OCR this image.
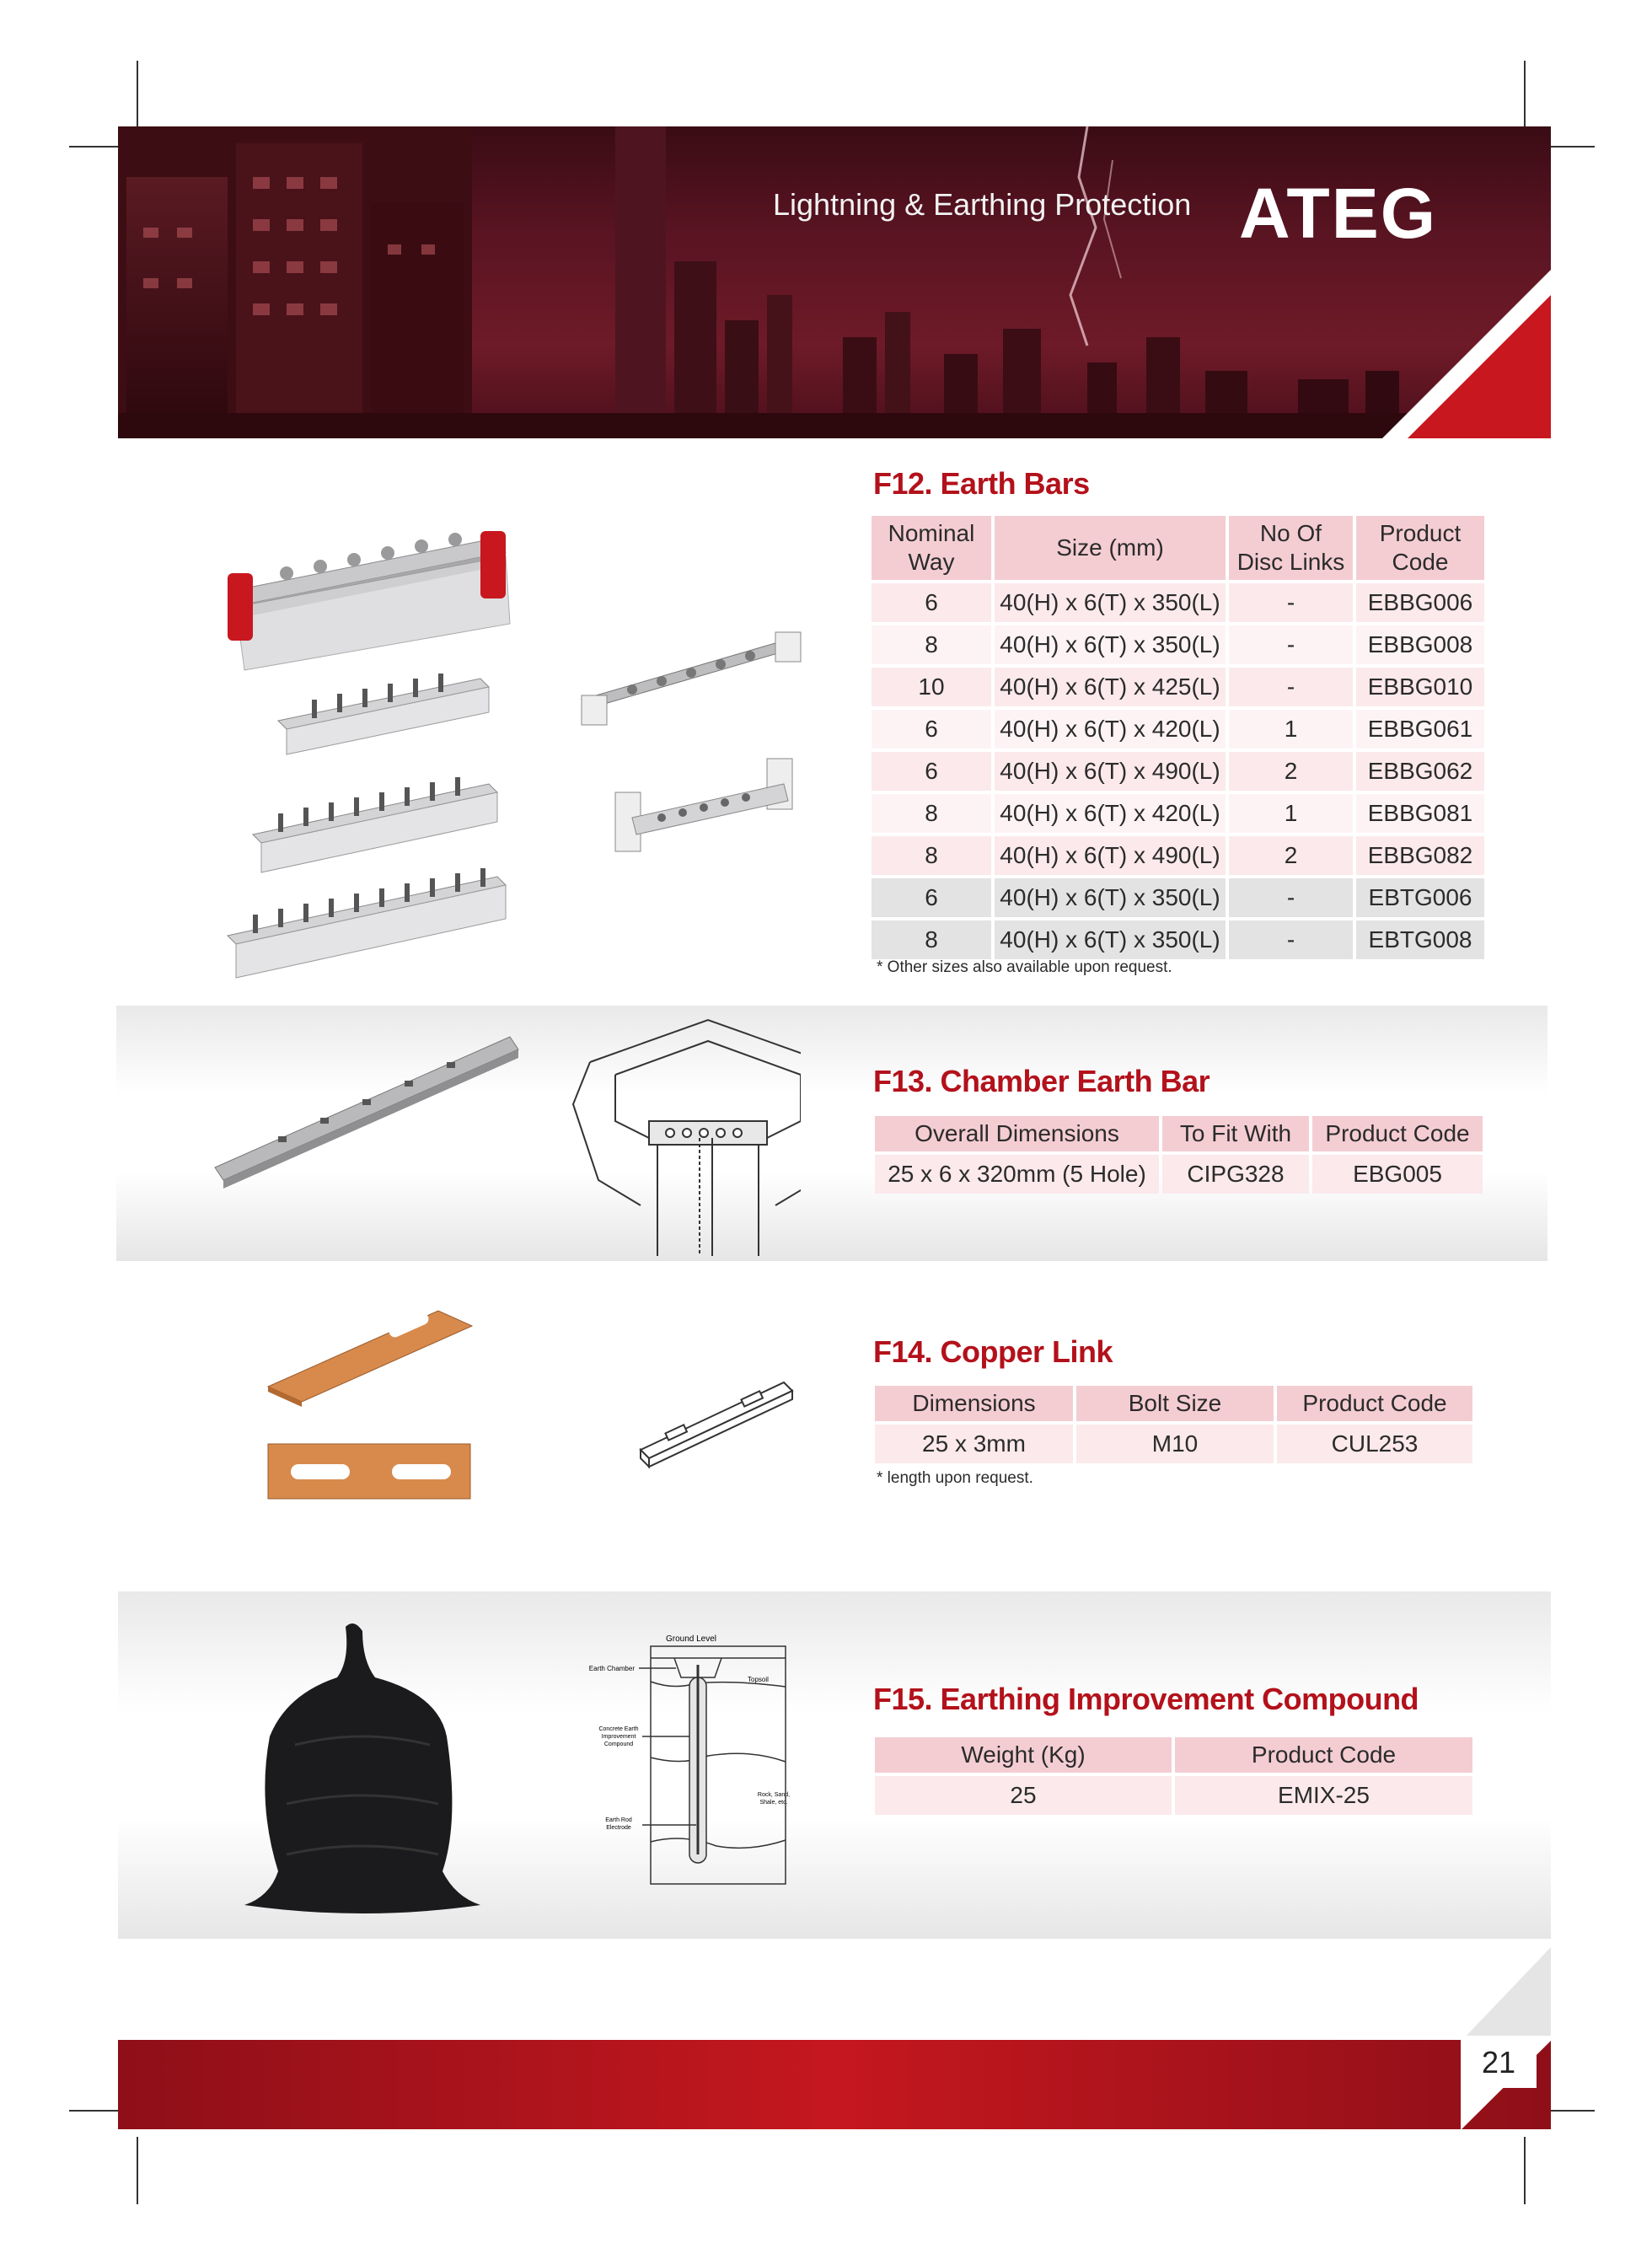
Lightning & Earthing Protection ATEG
F12. Earth Bars
Nominal Way	Size (mm)	No Of Disc Links	Product Code
6	40(H) x 6(T) x 350(L)	-	EBBG006
8	40(H) x 6(T) x 350(L)	-	EBBG008
10	40(H) x 6(T) x 425(L)	-	EBBG010
6	40(H) x 6(T) x 420(L)	1	EBBG061
6	40(H) x 6(T) x 490(L)	2	EBBG062
8	40(H) x 6(T) x 420(L)	1	EBBG081
8	40(H) x 6(T) x 490(L)	2	EBBG082
6	40(H) x 6(T) x 350(L)	-	EBTG006
8	40(H) x 6(T) x 350(L)	-	EBTG008
* Other sizes also available upon request.
F13. Chamber Earth Bar
Overall Dimensions	To Fit With	Product Code
25 x 6 x 320mm (5 Hole)	CIPG328	EBG005
F14. Copper Link
Dimensions	Bolt Size	Product Code
25 x 3mm	M10	CUL253
* length upon request.
Ground Level
Earth Chamber
Topsoil
Concrete Earth
Improvement
Compound
Rock, Sand,
Shale, etc.
Earth Rod
Electrode
F15. Earthing Improvement Compound
Weight (Kg)	Product Code
25	EMIX-25
21
